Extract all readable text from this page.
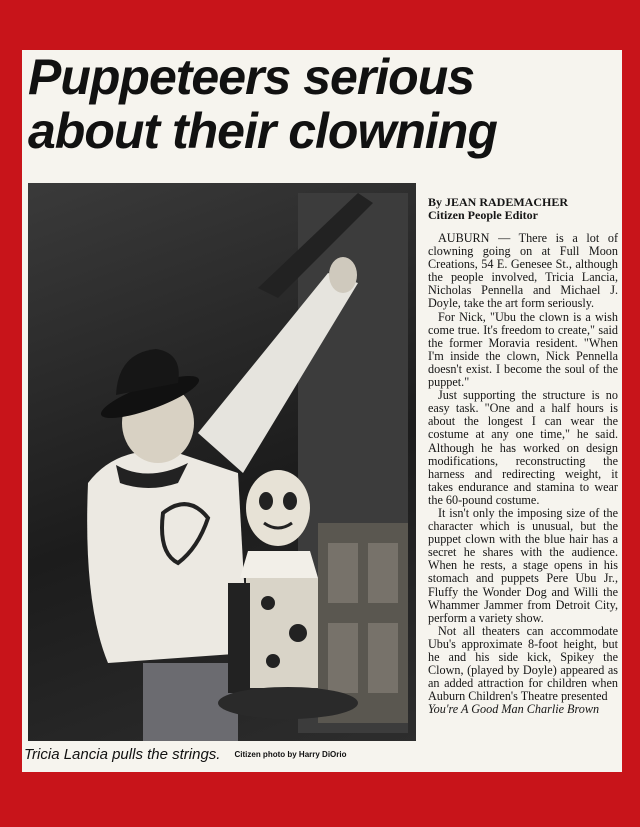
Puppeteers serious
about their clowning
Tricia Lancia pulls the strings. Citizen photo by Harry DiOrio
By JEAN RADEMACHER
Citizen People Editor

AUBURN — There is a lot of clowning going on at Full Moon Creations, 54 E. Genesee St., although the people involved, Tricia Lancia, Nicholas Pennella and Michael J. Doyle, take the art form seriously.

For Nick, "Ubu the clown is a wish come true. It's freedom to create," said the former Moravia resident. "When I'm inside the clown, Nick Pennella doesn't exist. I become the soul of the puppet."

Just supporting the structure is no easy task. "One and a half hours is about the longest I can wear the costume at any one time," he said. Although he has worked on design modifications, reconstructing the harness and redirecting weight, it takes endurance and stamina to wear the 60-pound costume.

It isn't only the imposing size of the character which is unusual, but the puppet clown with the blue hair has a secret he shares with the audience. When he rests, a stage opens in his stomach and puppets Pere Ubu Jr., Fluffy the Wonder Dog and Willi the Whammer Jammer from Detroit City, perform a variety show.

Not all theaters can accommodate Ubu's approximate 8-foot height, but he and his side kick, Spikey the Clown, (played by Doyle) appeared as an added attraction for children when Auburn Children's Theatre presented

You're A Good Man Charlie Brown
